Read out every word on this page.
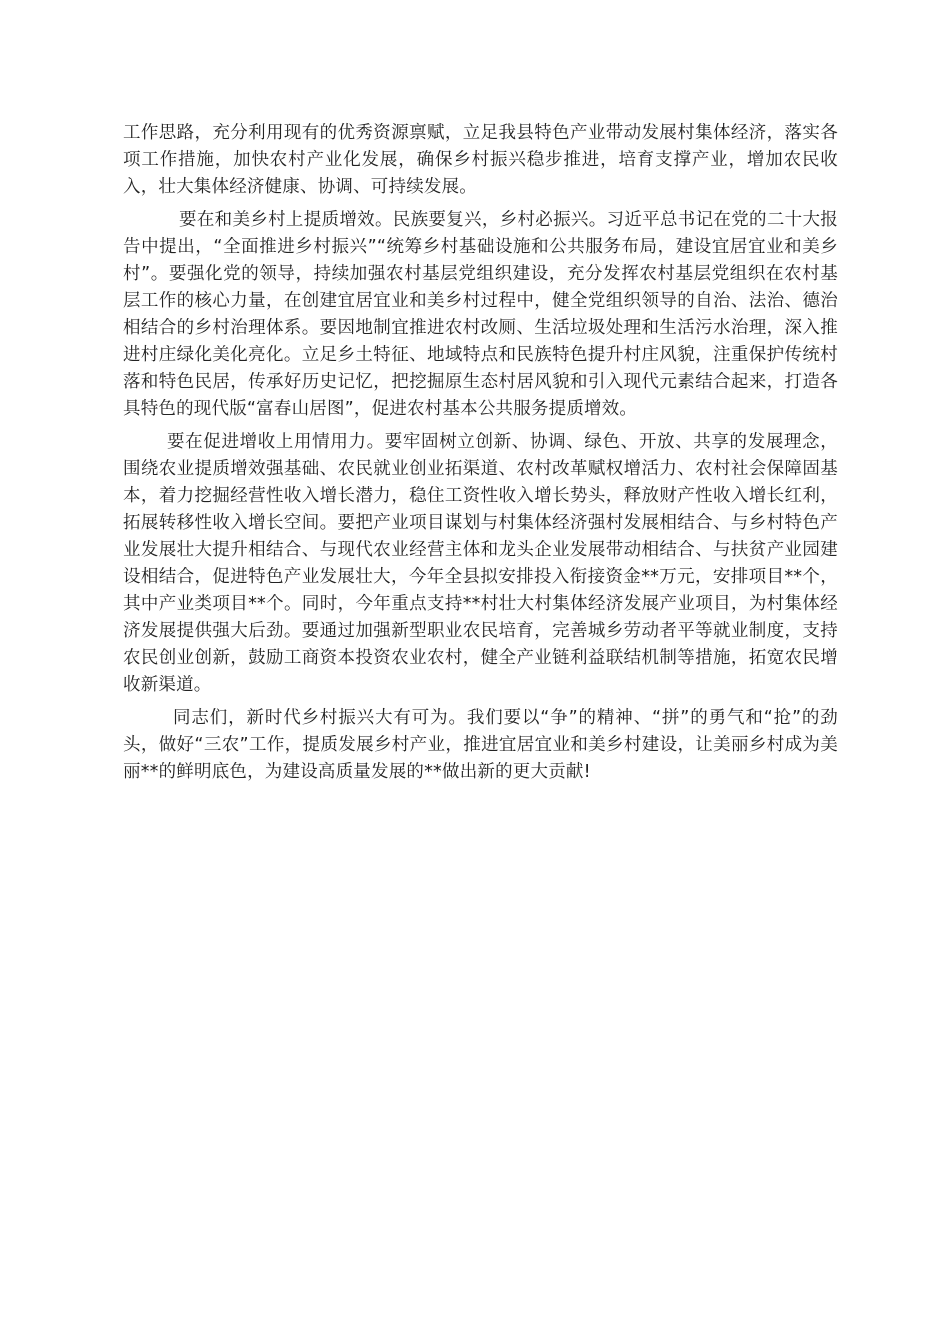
工作思路，充分利用现有的优秀资源禀赋，立足我县特色产业带动发展村集体经济，落实各项工作措施，加快农村产业化发展，确保乡村振兴稳步推进，培育支撑产业，增加农民收入，壮大集体经济健康、协调、可持续发展。

要在和美乡村上提质增效。民族要复兴，乡村必振兴。习近平总书记在党的二十大报告中提出，“全面推进乡村振兴”“统筹乡村基础设施和公共服务布局，建设宜居宜业和美乡村”。要强化党的领导，持续加强农村基层党组织建设，充分发挥农村基层党组织在农村基层工作的核心力量，在创建宜居宜业和美乡村过程中，健全党组织领导的自治、法治、德治相结合的乡村治理体系。要因地制宜推进农村改厕、生活垃圾处理和生活污水治理，深入推进村庄绿化美化亮化。立足乡土特征、地域特点和民族特色提升村庄风貌，注重保护传统村落和特色民居，传承好历史记忆，把挖掘原生态村居风貌和引入现代元素结合起来，打造各具特色的现代版“富春山居图”，促进农村基本公共服务提质增效。

要在促进增收上用情用力。要牢固树立创新、协调、绿色、开放、共享的发展理念，围绕农业提质增效强基础、农民就业创业拓渠道、农村改革赋权增活力、农村社会保障固基本，着力挖掘经营性收入增长潜力，稳住工资性收入增长势头，释放财产性收入增长红利，拓展转移性收入增长空间。要把产业项目谋划与村集体经济强村发展相结合、与乡村特色产业发展壮大提升相结合、与现代农业经营主体和龙头企业发展带动相结合、与扶贫产业园建设相结合，促进特色产业发展壮大，今年全县拟安排投入衔接资金**万元，安排项目**个，其中产业类项目**个。同时，今年重点支持**村壮大村集体经济发展产业项目，为村集体经济发展提供强大后劲。要通过加强新型职业农民培育，完善城乡劳动者平等就业制度，支持农民创业创新，鼓励工商资本投资农业农村，健全产业链利益联结机制等措施，拓宽农民增收新渠道。

同志们，新时代乡村振兴大有可为。我们要以“争”的精神、“拼”的勇气和“抢”的劲头，做好“三农”工作，提质发展乡村产业，推进宜居宜业和美乡村建设，让美丽乡村成为美丽**的鲜明底色，为建设高质量发展的**做出新的更大贡献!
